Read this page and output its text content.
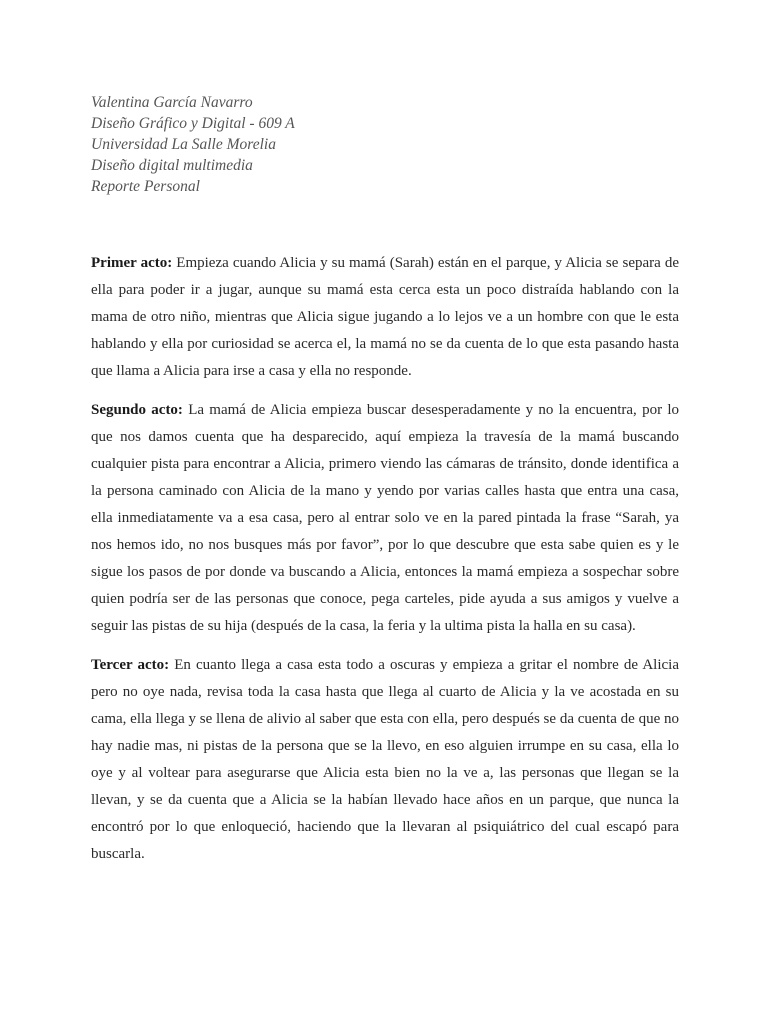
Valentina García Navarro
Diseño Gráfico y Digital - 609 A
Universidad La Salle Morelia
Diseño digital multimedia
Reporte Personal

Primer acto: Empieza cuando Alicia y su mamá (Sarah) están en el parque, y Alicia se separa de ella para poder ir a jugar, aunque su mamá esta cerca esta un poco distraída hablando con la mama de otro niño, mientras que Alicia sigue jugando a lo lejos ve a un hombre con que le esta hablando y ella por curiosidad se acerca el, la mamá no se da cuenta de lo que esta pasando hasta que llama a Alicia para irse a casa y ella no responde.

Segundo acto: La mamá de Alicia empieza buscar desesperadamente y no la encuentra, por lo que nos damos cuenta que ha desparecido, aquí empieza la travesía de la mamá buscando cualquier pista para encontrar a Alicia, primero viendo las cámaras de tránsito, donde identifica a la persona caminado con Alicia de la mano y yendo por varias calles hasta que entra una casa, ella inmediatamente va a esa casa, pero al entrar solo ve en la pared pintada la frase “Sarah, ya nos hemos ido, no nos busques más por favor”, por lo que descubre que esta sabe quien es y le sigue los pasos de por donde va buscando a Alicia, entonces la mamá empieza a sospechar sobre quien podría ser de las personas que conoce, pega carteles, pide ayuda a sus amigos y vuelve a seguir las pistas de su hija (después de la casa, la feria y la ultima pista la halla en su casa).

Tercer acto: En cuanto llega a casa esta todo a oscuras y empieza a gritar el nombre de Alicia pero no oye nada, revisa toda la casa hasta que llega al cuarto de Alicia y la ve acostada en su cama, ella llega y se llena de alivio al saber que esta con ella, pero después se da cuenta de que no hay nadie mas, ni pistas de la persona que se la llevo, en eso alguien irrumpe en su casa, ella lo oye y al voltear para asegurarse que Alicia esta bien no la ve a, las personas que llegan se la llevan, y se da cuenta que a Alicia se la habían llevado hace años en un parque, que nunca la encontró por lo que enloqueció, haciendo que la llevaran al psiquiátrico del cual escapó para buscarla.
